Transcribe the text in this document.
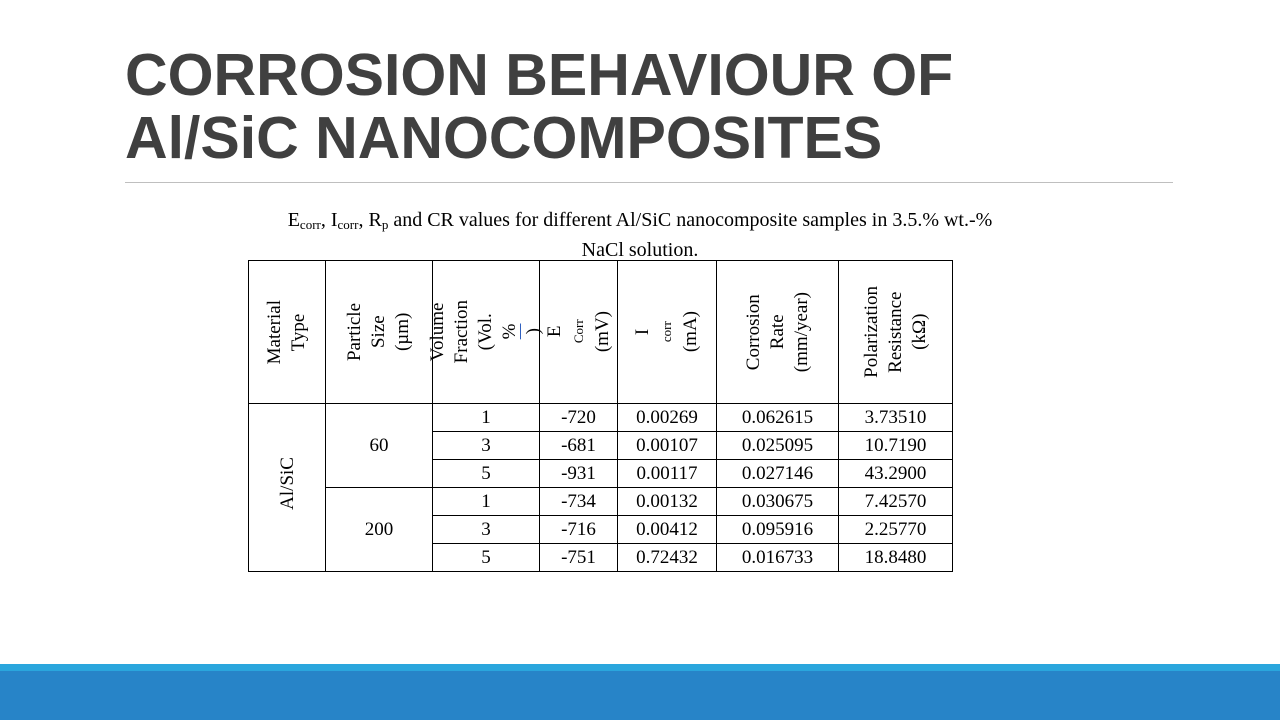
CORROSION BEHAVIOUR OF
Al/SiC NANOCOMPOSITES
$E_{corr}$, $I_{corr}$, $R_p$ and CR values for different Al/SiC nanocomposite samples in 3.5.% wt.-%
NaCl solution.
Material Type	Particle Size (µm)	Volume Fraction (Vol. % )	E Corr (mV)	I corr (mA)	Corrosion Rate (mm/year)	Polarization Resistance (kΩ)

Al/SiC	60	1	-720	0.00269	0.062615	3.73510
		3	-681	0.00107	0.025095	10.7190
		5	-931	0.00117	0.027146	43.2900
	200	1	-734	0.00132	0.030675	7.42570
		3	-716	0.00412	0.095916	2.25770
		5	-751	0.72432	0.016733	18.8480
